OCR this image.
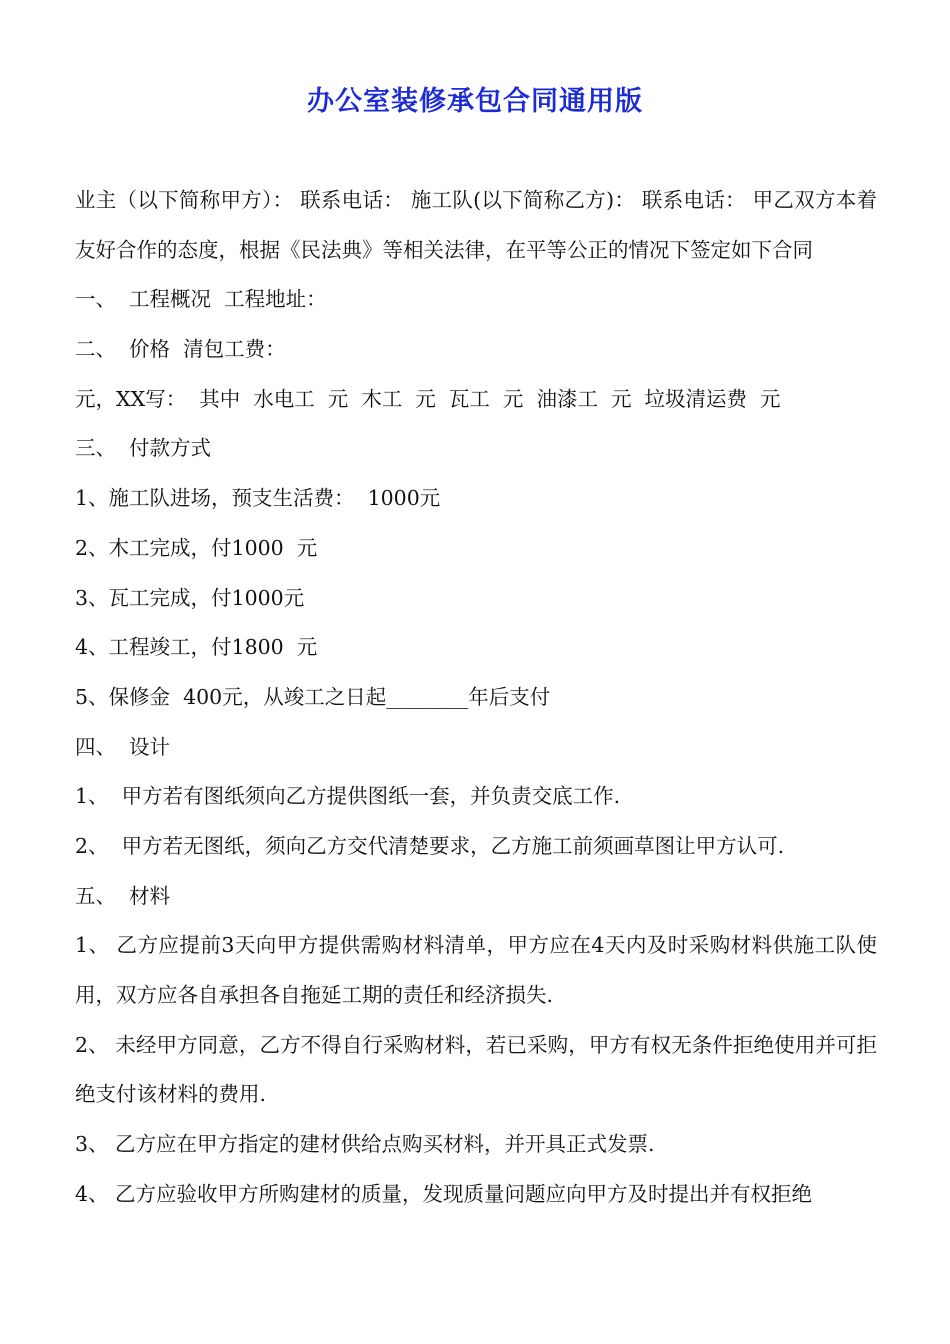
办公室装修承包合同通用版
业主（以下简称甲方）： 联系电话： 施工队(以下简称乙方)： 联系电话： 甲乙双方本着友好合作的态度，根据《民法典》等相关法律，在平等公正的情况下签定如下合同
一、  工程概况  工程地址：
二、  价格  清包工费：
元，XX写：  其中  水电工  元  木工  元  瓦工  元  油漆工  元  垃圾清运费  元
三、  付款方式
1、施工队进场，预支生活费：  1000元
2、木工完成，付1000  元
3、瓦工完成，付1000元
4、工程竣工，付1800  元
5、保修金  400元，从竣工之日起________年后支付
四、  设计
1、  甲方若有图纸须向乙方提供图纸一套，并负责交底工作.
2、  甲方若无图纸，须向乙方交代清楚要求，乙方施工前须画草图让甲方认可.
五、  材料
1、 乙方应提前3天向甲方提供需购材料清单，甲方应在4天内及时采购材料供施工队使用，双方应各自承担各自拖延工期的责任和经济损失.
2、 未经甲方同意，乙方不得自行采购材料，若已采购，甲方有权无条件拒绝使用并可拒绝支付该材料的费用.
3、 乙方应在甲方指定的建材供给点购买材料，并开具正式发票.
4、 乙方应验收甲方所购建材的质量，发现质量问题应向甲方及时提出并有权拒绝
